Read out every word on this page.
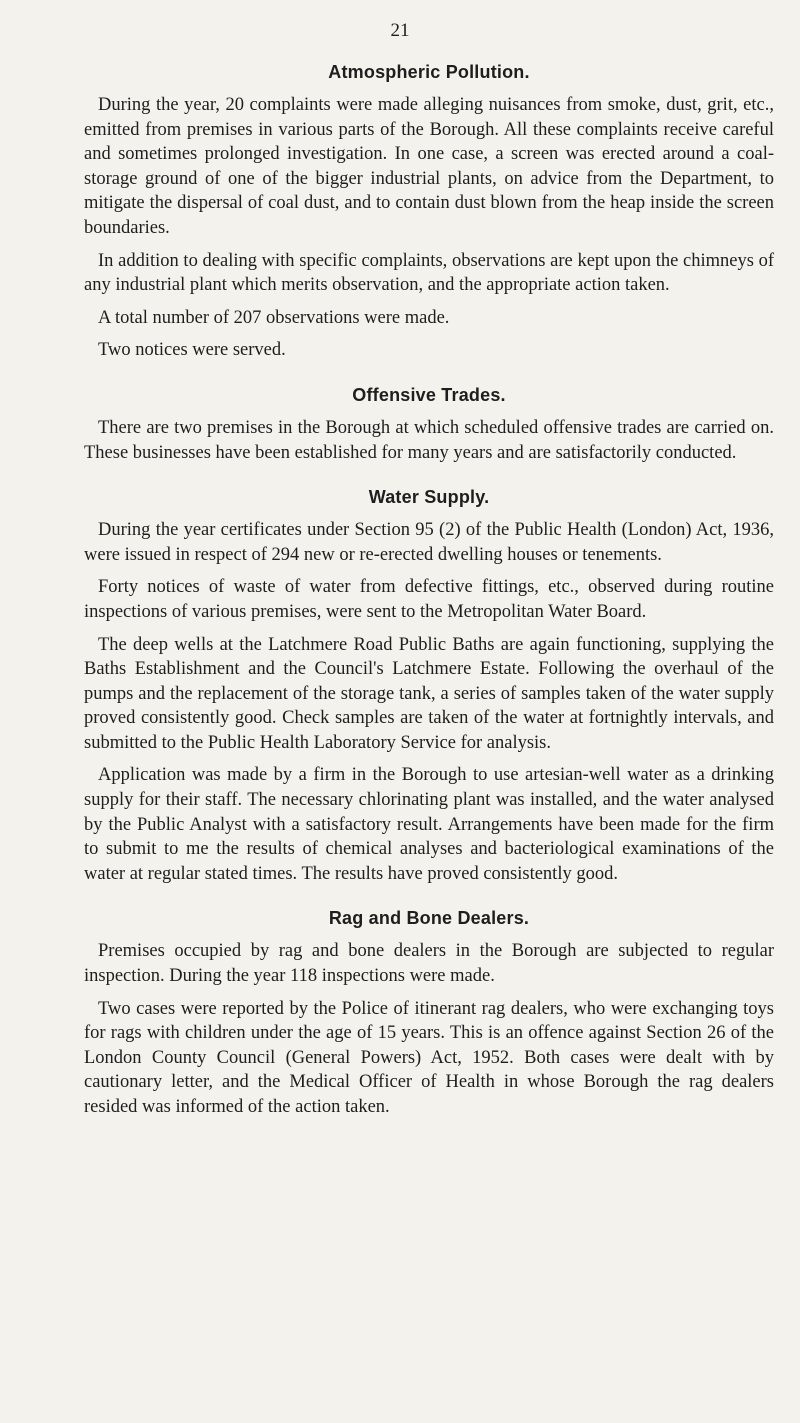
21
Atmospheric Pollution.

During the year, 20 complaints were made alleging nuisances from smoke, dust, grit, etc., emitted from premises in various parts of the Borough. All these complaints receive careful and sometimes prolonged investigation. In one case, a screen was erected around a coal-storage ground of one of the bigger industrial plants, on advice from the Department, to mitigate the dispersal of coal dust, and to contain dust blown from the heap inside the screen boundaries.

In addition to dealing with specific complaints, observations are kept upon the chimneys of any industrial plant which merits observation, and the appropriate action taken.

A total number of 207 observations were made.

Two notices were served.

Offensive Trades.

There are two premises in the Borough at which scheduled offensive trades are carried on. These businesses have been established for many years and are satisfactorily conducted.

Water Supply.

During the year certificates under Section 95 (2) of the Public Health (London) Act, 1936, were issued in respect of 294 new or re-erected dwelling houses or tenements.

Forty notices of waste of water from defective fittings, etc., observed during routine inspections of various premises, were sent to the Metropolitan Water Board.

The deep wells at the Latchmere Road Public Baths are again functioning, supplying the Baths Establishment and the Council's Latchmere Estate. Following the overhaul of the pumps and the replacement of the storage tank, a series of samples taken of the water supply proved consistently good. Check samples are taken of the water at fortnightly intervals, and submitted to the Public Health Laboratory Service for analysis.

Application was made by a firm in the Borough to use artesian-well water as a drinking supply for their staff. The necessary chlorinating plant was installed, and the water analysed by the Public Analyst with a satisfactory result. Arrangements have been made for the firm to submit to me the results of chemical analyses and bacteriological examinations of the water at regular stated times. The results have proved consistently good.

Rag and Bone Dealers.

Premises occupied by rag and bone dealers in the Borough are subjected to regular inspection. During the year 118 inspections were made.

Two cases were reported by the Police of itinerant rag dealers, who were exchanging toys for rags with children under the age of 15 years. This is an offence against Section 26 of the London County Council (General Powers) Act, 1952. Both cases were dealt with by cautionary letter, and the Medical Officer of Health in whose Borough the rag dealers resided was informed of the action taken.
